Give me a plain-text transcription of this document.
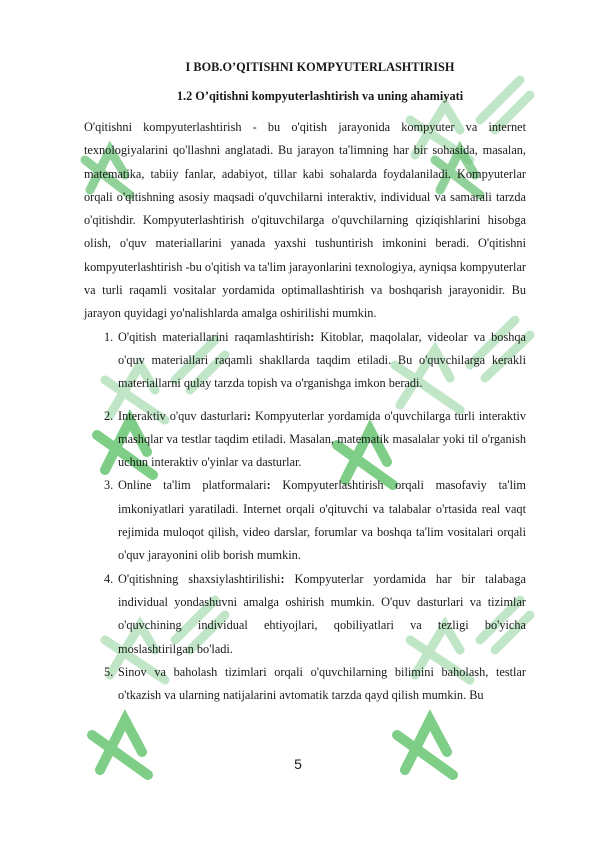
I BOB.O’QITISHNI KOMPYUTERLASHTIRISH
1.2 O’qitishni kompyuterlashtirish va uning ahamiyati

O'qitishni kompyuterlashtirish - bu o'qitish jarayonida kompyuter va internet texnologiyalarini qo'llashni anglatadi. Bu jarayon ta'limning har bir sohasida, masalan, matematika, tabiiy fanlar, adabiyot, tillar kabi sohalarda foydalaniladi. Kompyuterlar orqali o'qitishning asosiy maqsadi o'quvchilarni interaktiv, individual va samarali tarzda o'qitishdir. Kompyuterlashtirish o'qituvchilarga o'quvchilarning qiziqishlarini hisobga olish, o'quv materiallarini yanada yaxshi tushuntirish imkonini beradi. O'qitishni kompyuterlashtirish -bu o'qitish va ta'lim jarayonlarini texnologiya, ayniqsa kompyuterlar va turli raqamli vositalar yordamida optimallashtirish va boshqarish jarayonidir. Bu jarayon quyidagi yo'nalishlarda amalga oshirilishi mumkin.

1. O'qitish materiallarini raqamlashtirish: Kitoblar, maqolalar, videolar va boshqa o'quv materiallari raqamli shakllarda taqdim etiladi. Bu o'quvchilarga kerakli materiallarni qulay tarzda topish va o'rganishga imkon beradi.
2. Interaktiv o'quv dasturlari: Kompyuterlar yordamida o'quvchilarga turli interaktiv mashqlar va testlar taqdim etiladi. Masalan, matematik masalalar yoki til o'rganish uchun interaktiv o'yinlar va dasturlar.
3. Online ta'lim platformalari: Kompyuterlashtirish orqali masofaviy ta'lim imkoniyatlari yaratiladi. Internet orqali o'qituvchi va talabalar o'rtasida real vaqt rejimida muloqot qilish, video darslar, forumlar va boshqa ta'lim vositalari orqali o'quv jarayonini olib borish mumkin.
4. O'qitishning shaxsiylashtirilishi: Kompyuterlar yordamida har bir talabaga individual yondashuvni amalga oshirish mumkin. O'quv dasturlari va tizimlar o'quvchining individual ehtiyojlari, qobiliyatlari va tezligi bo'yicha moslashtirilgan bo'ladi.
5. Sinov va baholash tizimlari orqali o'quvchilarning bilimini baholash, testlar o'tkazish va ularning natijalarini avtomatik tarzda qayd qilish mumkin. Bu
5
